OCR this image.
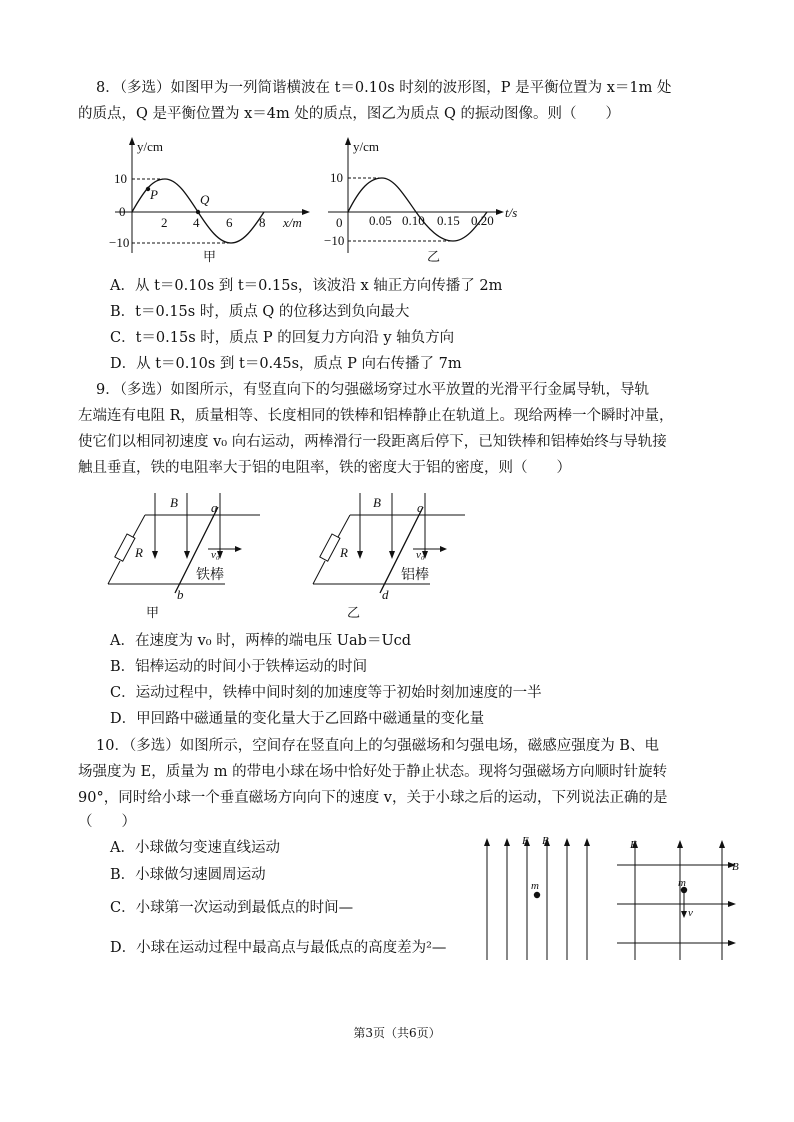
8．（多选）如图甲为一列简谐横波在 t＝0.10s 时刻的波形图，P 是平衡位置为 x＝1m 处
的质点，Q 是平衡位置为 x＝4m 处的质点，图乙为质点 Q 的振动图像。则（　　）
y/cm
x/m
10
−10
0
2 4 6 8
P	Q
甲
y/cm
t/s
10
−10
0 0.05 0.10 0.15 0.20
乙
A．从 t＝0.10s 到 t＝0.15s，该波沿 x 轴正方向传播了 2m
B．t＝0.15s 时，质点 Q 的位移达到负向最大
C．t＝0.15s 时，质点 P 的回复力方向沿 y 轴负方向
D．从 t＝0.10s 到 t＝0.45s，质点 P 向右传播了 7m
9．（多选）如图所示，有竖直向下的匀强磁场穿过水平放置的光滑平行金属导轨，导轨
左端连有电阻 R，质量相等、长度相同的铁棒和铝棒静止在轨道上。现给两棒一个瞬时冲量，
使它们以相同初速度 v₀ 向右运动，两棒滑行一段距离后停下，已知铁棒和铝棒始终与导轨接
触且垂直，铁的电阻率大于铝的电阻率，铁的密度大于铝的密度，则（　　）
B
R
a
b
v₀
铁棒
甲
B
R
c
d
v₀
铝棒
乙
A．在速度为 v₀ 时，两棒的端电压 Uab＝Ucd
B．铝棒运动的时间小于铁棒运动的时间
C．运动过程中，铁棒中间时刻的加速度等于初始时刻加速度的一半
D．甲回路中磁通量的变化量大于乙回路中磁通量的变化量
10．（多选）如图所示，空间存在竖直向上的匀强磁场和匀强电场，磁感应强度为 B、电
场强度为 E，质量为 m 的带电小球在场中恰好处于静止状态。现将匀强磁场方向顺时针旋转
90°，同时给小球一个垂直磁场方向向下的速度 v，关于小球之后的运动，下列说法正确的是
（　　）
A．小球做匀变速直线运动
B．小球做匀速圆周运动
C．小球第一次运动到最低点的时间—
D．小球在运动过程中最高点与最低点的高度差为²—
E B
m
E
B
m
v
第3页（共6页）
